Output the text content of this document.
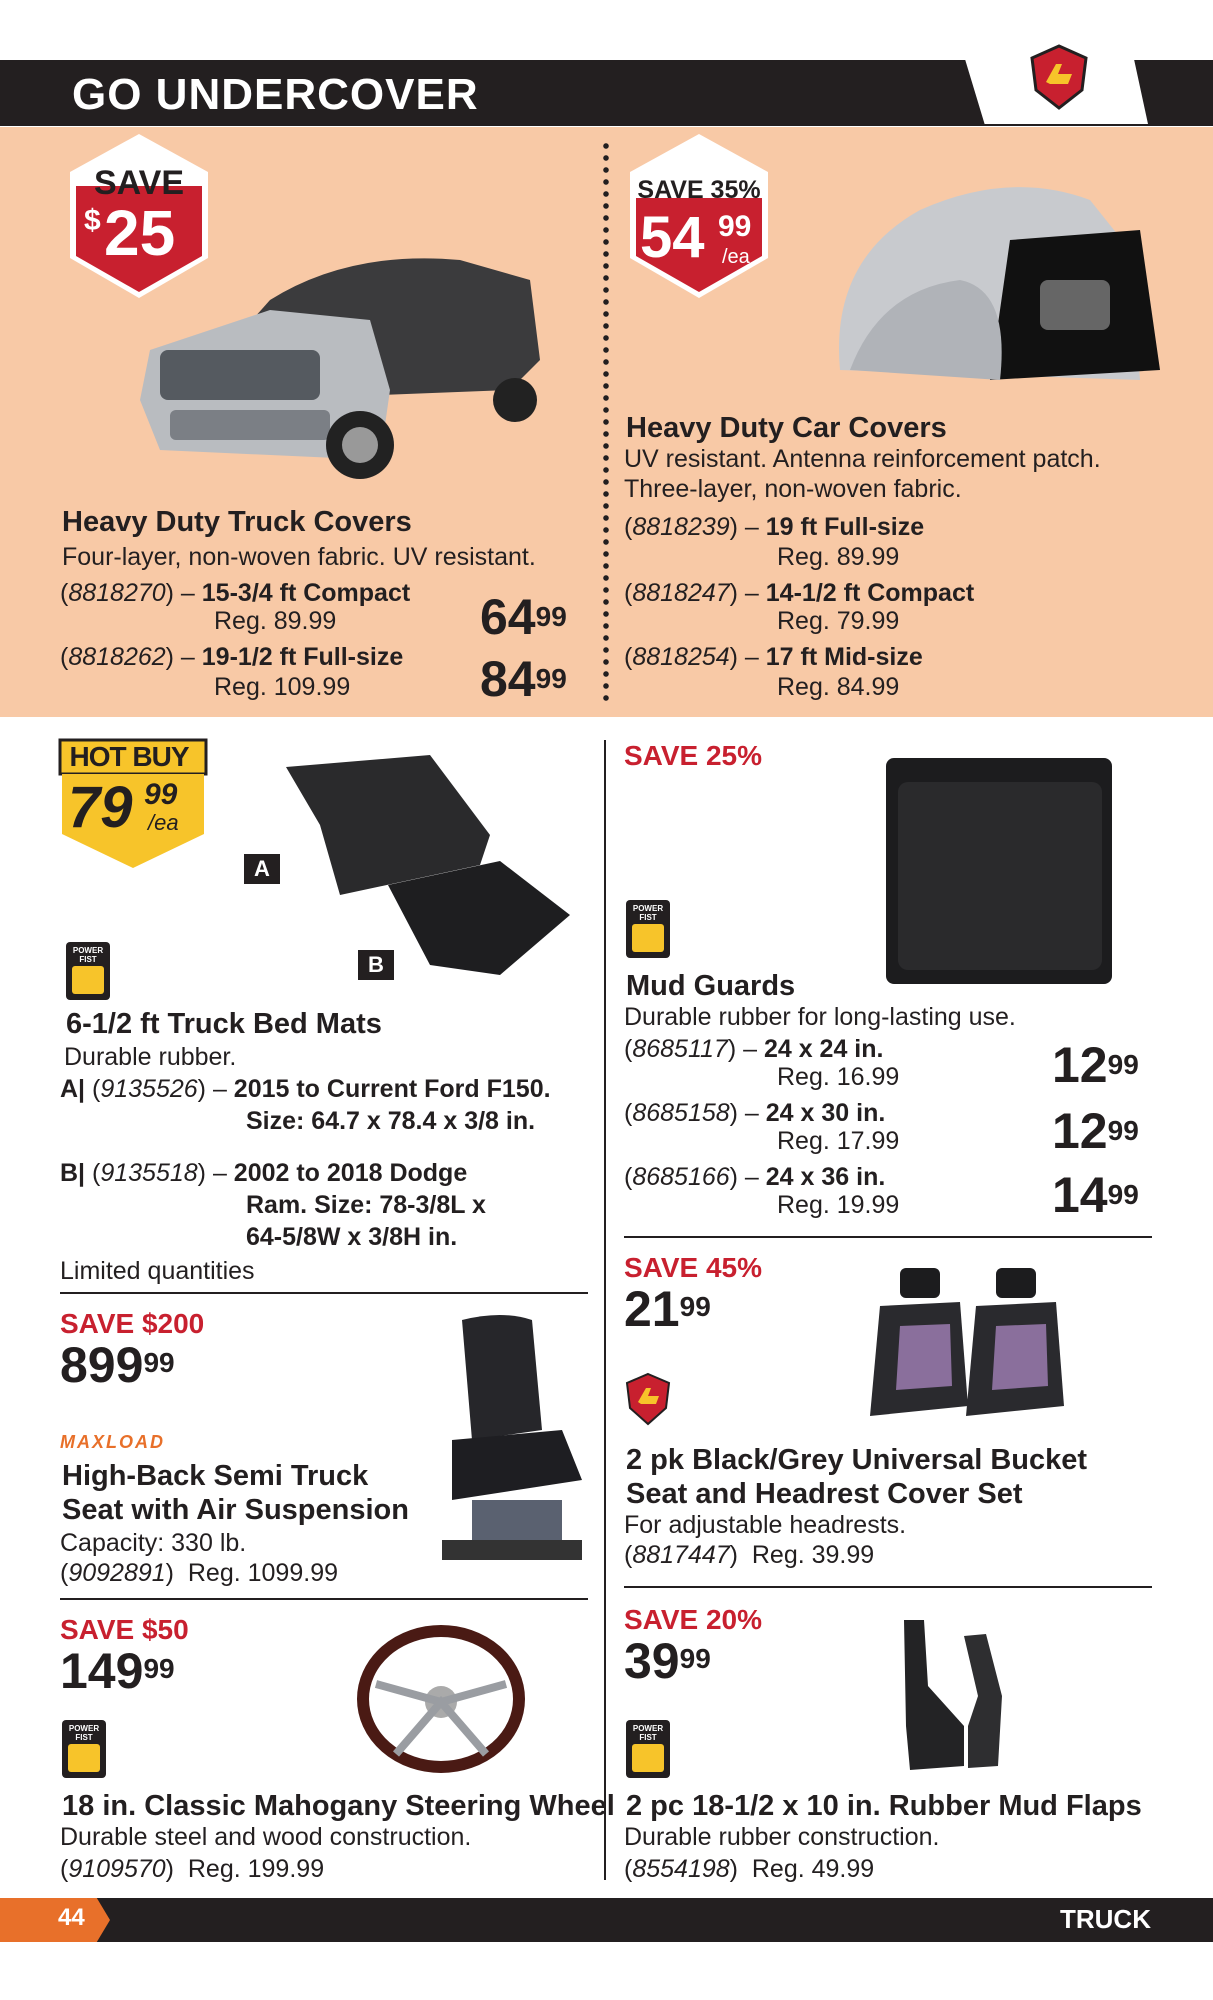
GO UNDERCOVER
SAVE
$ 25
Heavy Duty Truck Covers
Four-layer, non-woven fabric. UV resistant.
(8818270) – 15-3/4 ft Compact
Reg. 89.99	$64^{99}$
(8818262) – 19-1/2 ft Full-size
Reg. 109.99	$84^{99}$
SAVE 35%
54 99
/ea
Heavy Duty Car Covers
UV resistant. Antenna reinforcement patch.
Three-layer, non-woven fabric.
(8818239) – 19 ft Full-size
Reg. 89.99
(8818247) – 14-1/2 ft Compact
Reg. 79.99
(8818254) – 17 ft Mid-size
Reg. 84.99
HOT BUY
79 99
/ea
A
B
POWER FIST
6-1/2 ft Truck Bed Mats
Durable rubber.
A| (9135526) – 2015 to Current Ford F150.
Size: 64.7 x 78.4 x 3/8 in.
B| (9135518) – 2002 to 2018 Dodge
Ram. Size: 78-3/8L x
64-5/8W x 3/8H in.
Limited quantities
SAVE 25%
POWER FIST
Mud Guards
Durable rubber for long-lasting use.
(8685117) – 24 x 24 in.
Reg. 16.99	$12^{99}$
(8685158) – 24 x 30 in.
Reg. 17.99	$12^{99}$
(8685166) – 24 x 36 in.
Reg. 19.99	$14^{99}$
SAVE $200
$899^{99}$
MAXLOAD
High-Back Semi Truck
Seat with Air Suspension
Capacity: 330 lb.
(9092891)  Reg. 1099.99
SAVE 45%
$21^{99}$
2 pk Black/Grey Universal Bucket
Seat and Headrest Cover Set
For adjustable headrests.
(8817447)  Reg. 39.99
SAVE $50
$149^{99}$
POWER FIST
18 in. Classic Mahogany Steering Wheel
Durable steel and wood construction.
(9109570)  Reg. 199.99
SAVE 20%
$39^{99}$
POWER FIST
2 pc 18-1/2 x 10 in. Rubber Mud Flaps
Durable rubber construction.
(8554198)  Reg. 49.99
44	TRUCK
